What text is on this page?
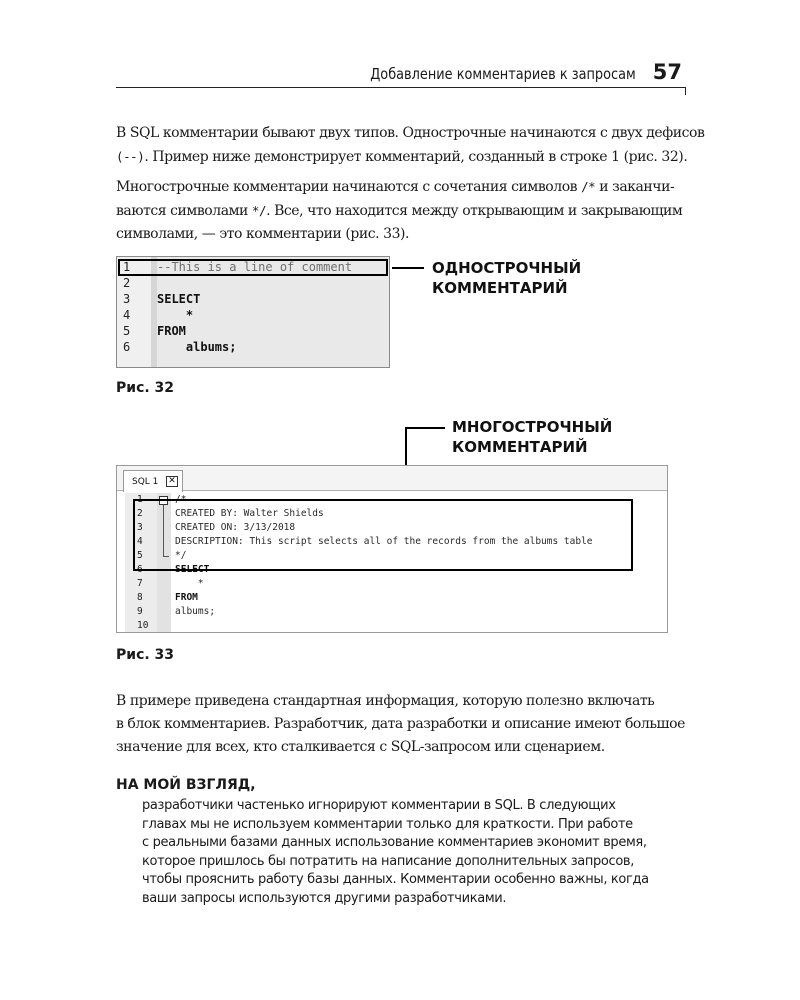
Добавление комментариев к запросам 57
В SQL комментарии бывают двух типов. Однострочные начинаются с двух дефисов
(--). Пример ниже демонстрирует комментарий, созданный в строке 1 (рис. 32).
Многострочные комментарии начинаются с сочетания символов /* и заканчи-
ваются символами */. Все, что находится между открывающим и закрывающим
символами, — это комментарии (рис. 33).
1 --This is a line of comment
2
3 SELECT
4 *
5 FROM
6 albums;
ОДНОСТРОЧНЫЙ
КОММЕНТАРИЙ
Рис. 32
МНОГОСТРОЧНЫЙ
КОММЕНТАРИЙ
SQL 1 ✕
1	/*
2	CREATED BY: Walter Shields
3	CREATED ON: 3/13/2018
4	DESCRIPTION: This script selects all of the records from the albums table
5	*/
6	SELECT
7	*
8	FROM
9	albums;
10
−
Рис. 33
В примере приведена стандартная информация, которую полезно включать
в блок комментариев. Разработчик, дата разработки и описание имеют большое
значение для всех, кто сталкивается с SQL-запросом или сценарием.
НА МОЙ ВЗГЛЯД,
разработчики частенько игнорируют комментарии в SQL. В следующих
главах мы не используем комментарии только для краткости. При работе
с реальными базами данных использование комментариев экономит время,
которое пришлось бы потратить на написание дополнительных запросов,
чтобы прояснить работу базы данных. Комментарии особенно важны, когда
ваши запросы используются другими разработчиками.
